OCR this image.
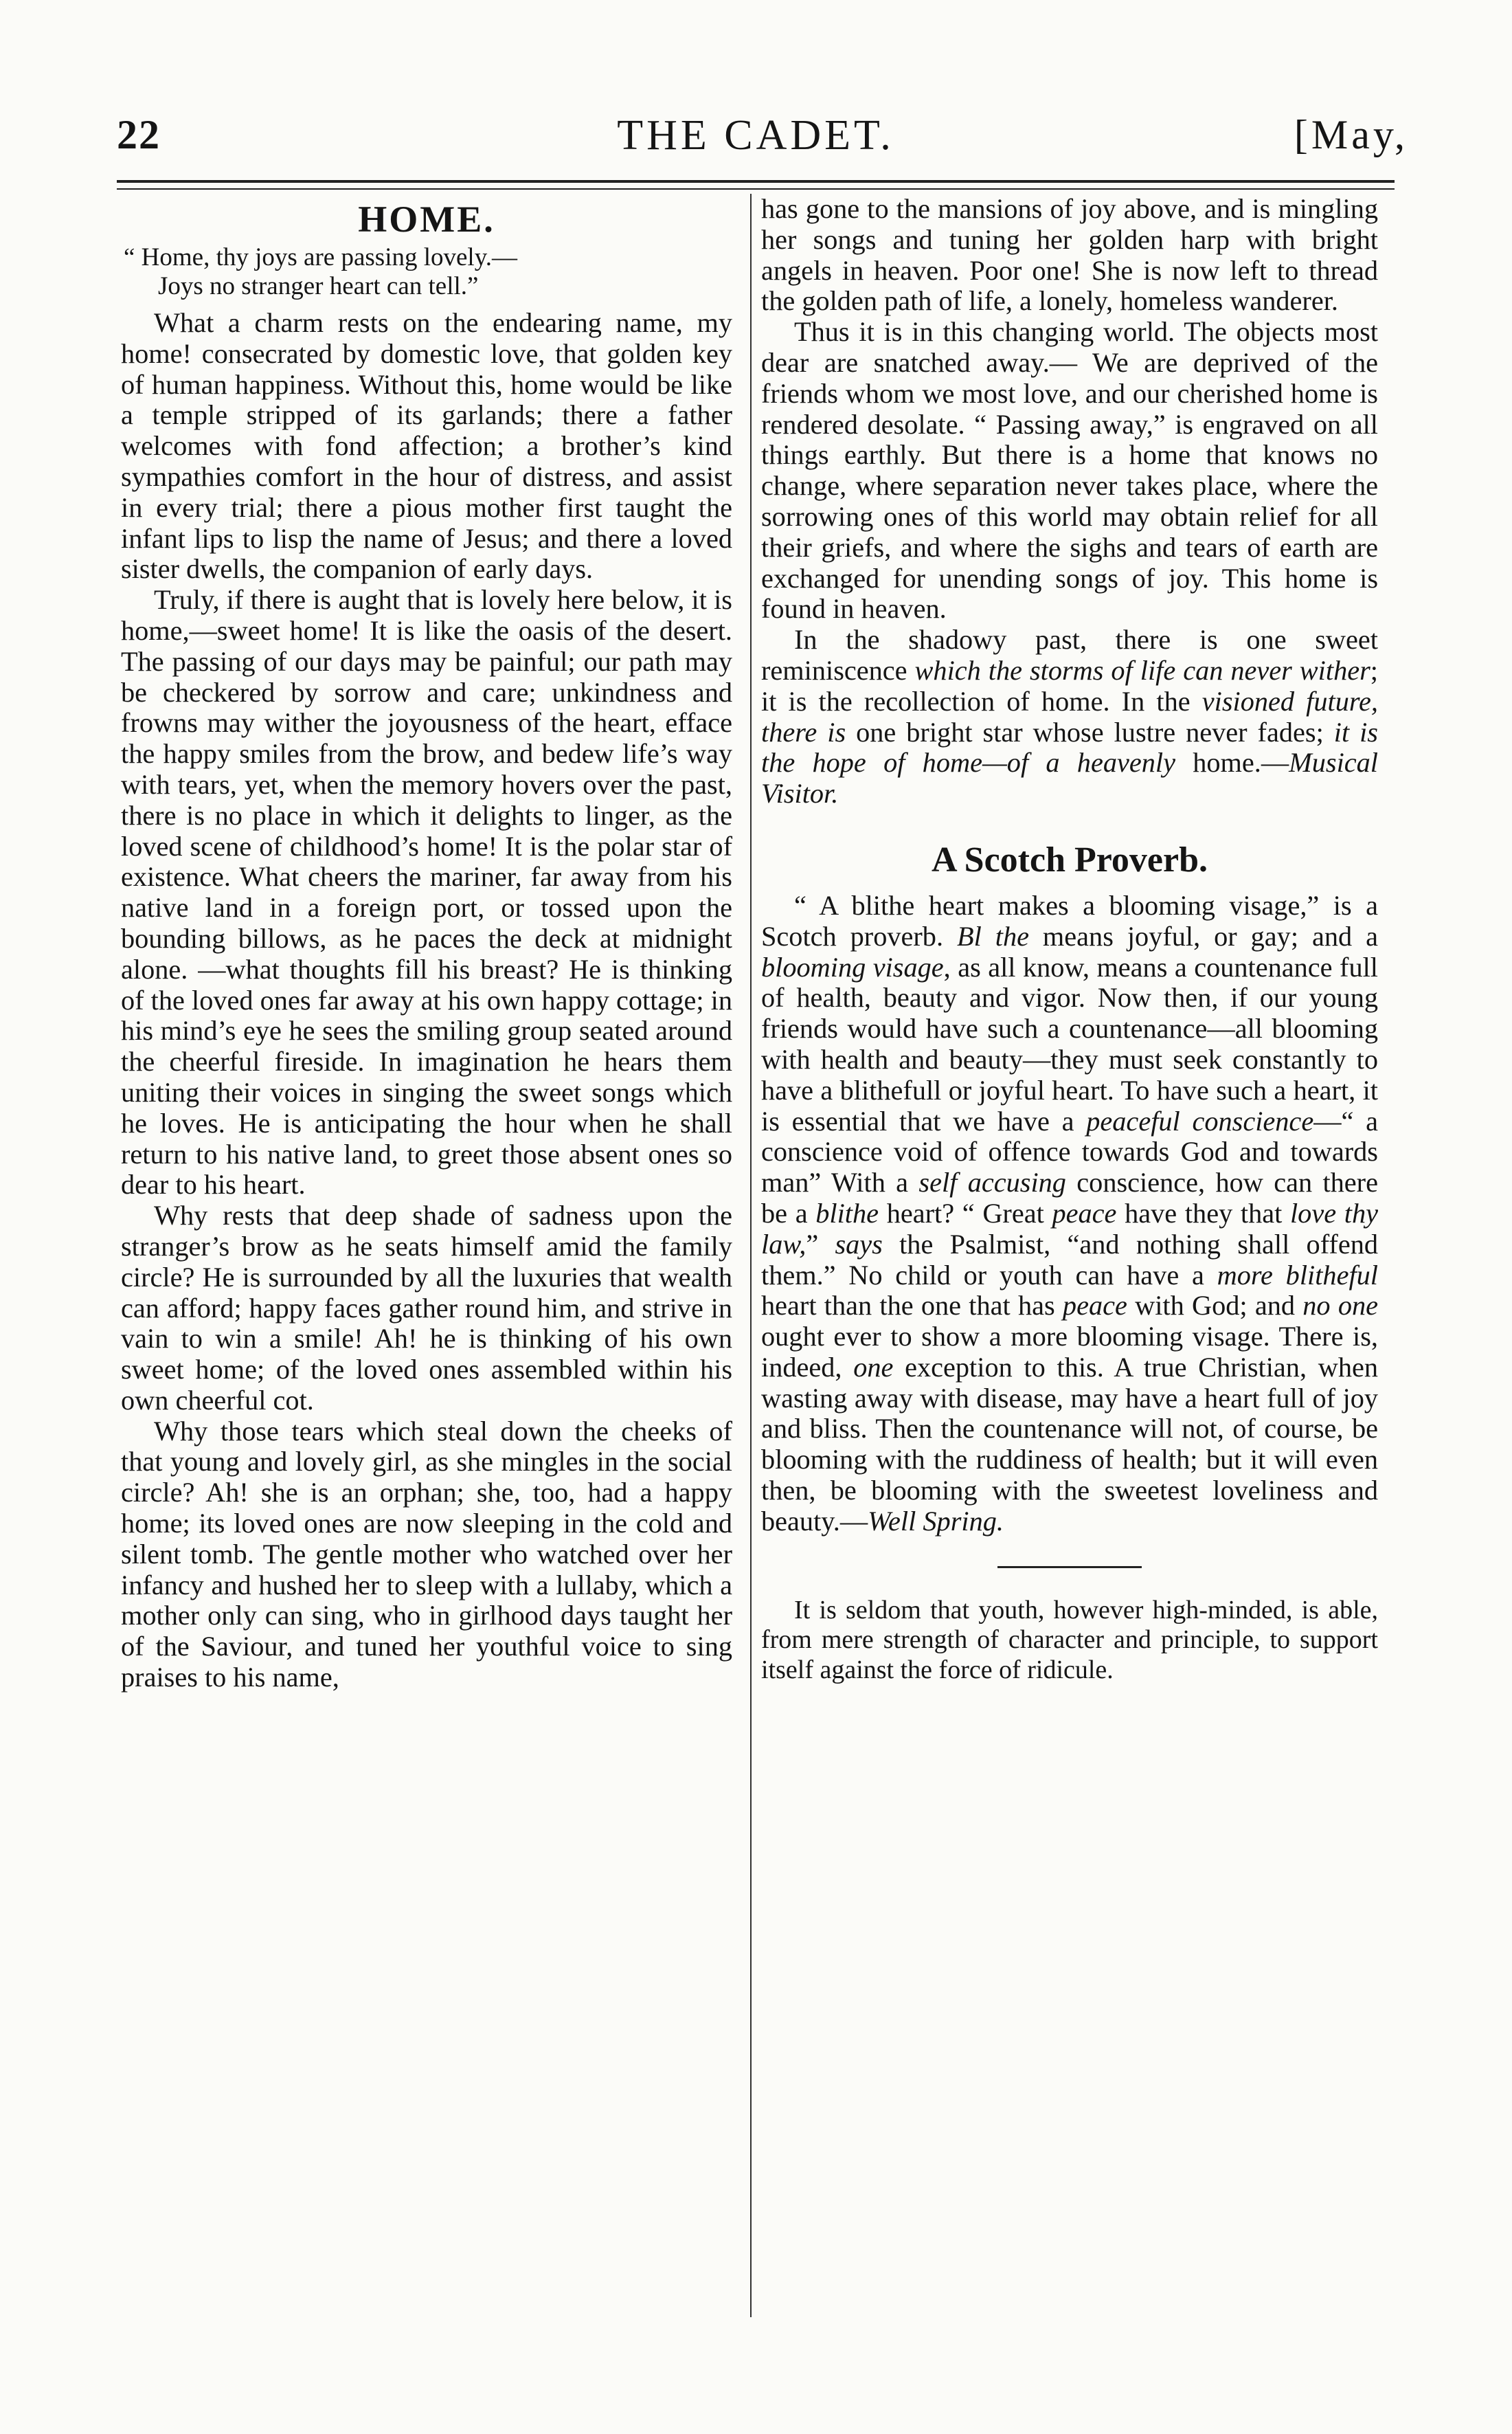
22	THE CADET.	[May,
HOME.
“ Home, thy joys are passing lovely.—
Joys no stranger heart can tell.”

What a charm rests on the endearing name, my home! consecrated by domestic love, that golden key of human happiness. Without this, home would be like a temple stripped of its garlands; there a father welcomes with fond affection; a brother’s kind sympathies comfort in the hour of distress, and assist in every trial; there a pious mother first taught the infant lips to lisp the name of Jesus; and there a loved sister dwells, the companion of early days.

Truly, if there is aught that is lovely here below, it is home,—sweet home! It is like the oasis of the desert. The passing of our days may be painful; our path may be checkered by sorrow and care; unkindness and frowns may wither the joyousness of the heart, efface the happy smiles from the brow, and bedew life’s way with tears, yet, when the memory hovers over the past, there is no place in which it delights to linger, as the loved scene of childhood’s home! It is the polar star of existence. What cheers the mariner, far away from his native land in a foreign port, or tossed upon the bounding billows, as he paces the deck at midnight alone. —what thoughts fill his breast? He is thinking of the loved ones far away at his own happy cottage; in his mind’s eye he sees the smiling group seated around the cheerful fireside. In imagination he hears them uniting their voices in singing the sweet songs which he loves. He is anticipating the hour when he shall return to his native land, to greet those absent ones so dear to his heart.

Why rests that deep shade of sadness upon the stranger’s brow as he seats himself amid the family circle? He is surrounded by all the luxuries that wealth can afford; happy faces gather round him, and strive in vain to win a smile! Ah! he is thinking of his own sweet home; of the loved ones assembled within his own cheerful cot.

Why those tears which steal down the cheeks of that young and lovely girl, as she mingles in the social circle? Ah! she is an orphan; she, too, had a happy home; its loved ones are now sleeping in the cold and silent tomb. The gentle mother who watched over her infancy and hushed her to sleep with a lullaby, which a mother only can sing, who in girlhood days taught her of the Saviour, and tuned her youthful voice to sing praises to his name,

has gone to the mansions of joy above, and is mingling her songs and tuning her golden harp with bright angels in heaven. Poor one! She is now left to thread the golden path of life, a lonely, homeless wanderer.

Thus it is in this changing world. The objects most dear are snatched away.— We are deprived of the friends whom we most love, and our cherished home is rendered desolate. “ Passing away,” is engraved on all things earthly. But there is a home that knows no change, where separation never takes place, where the sorrowing ones of this world may obtain relief for all their griefs, and where the sighs and tears of earth are exchanged for unending songs of joy. This home is found in heaven.

In the shadowy past, there is one sweet reminiscence which the storms of life can never wither; it is the recollection of home. In the visioned future, there is one bright star whose lustre never fades; it is the hope of home—of a heavenly home.—Musical Visitor.

A Scotch Proverb.

“ A blithe heart makes a blooming visage,” is a Scotch proverb. Bl the means joyful, or gay; and a blooming visage, as all know, means a countenance full of health, beauty and vigor. Now then, if our young friends would have such a countenance—all blooming with health and beauty—they must seek constantly to have a blithefull or joyful heart. To have such a heart, it is essential that we have a peaceful conscience—“ a conscience void of offence towards God and towards man” With a self accusing conscience, how can there be a blithe heart? “ Great peace have they that love thy law,” says the Psalmist, “and nothing shall offend them.” No child or youth can have a more blitheful heart than the one that has peace with God; and no one ought ever to show a more blooming visage. There is, indeed, one exception to this. A true Christian, when wasting away with disease, may have a heart full of joy and bliss. Then the countenance will not, of course, be blooming with the ruddiness of health; but it will even then, be blooming with the sweetest loveliness and beauty.—Well Spring.

It is seldom that youth, however high-minded, is able, from mere strength of character and principle, to support itself against the force of ridicule.
